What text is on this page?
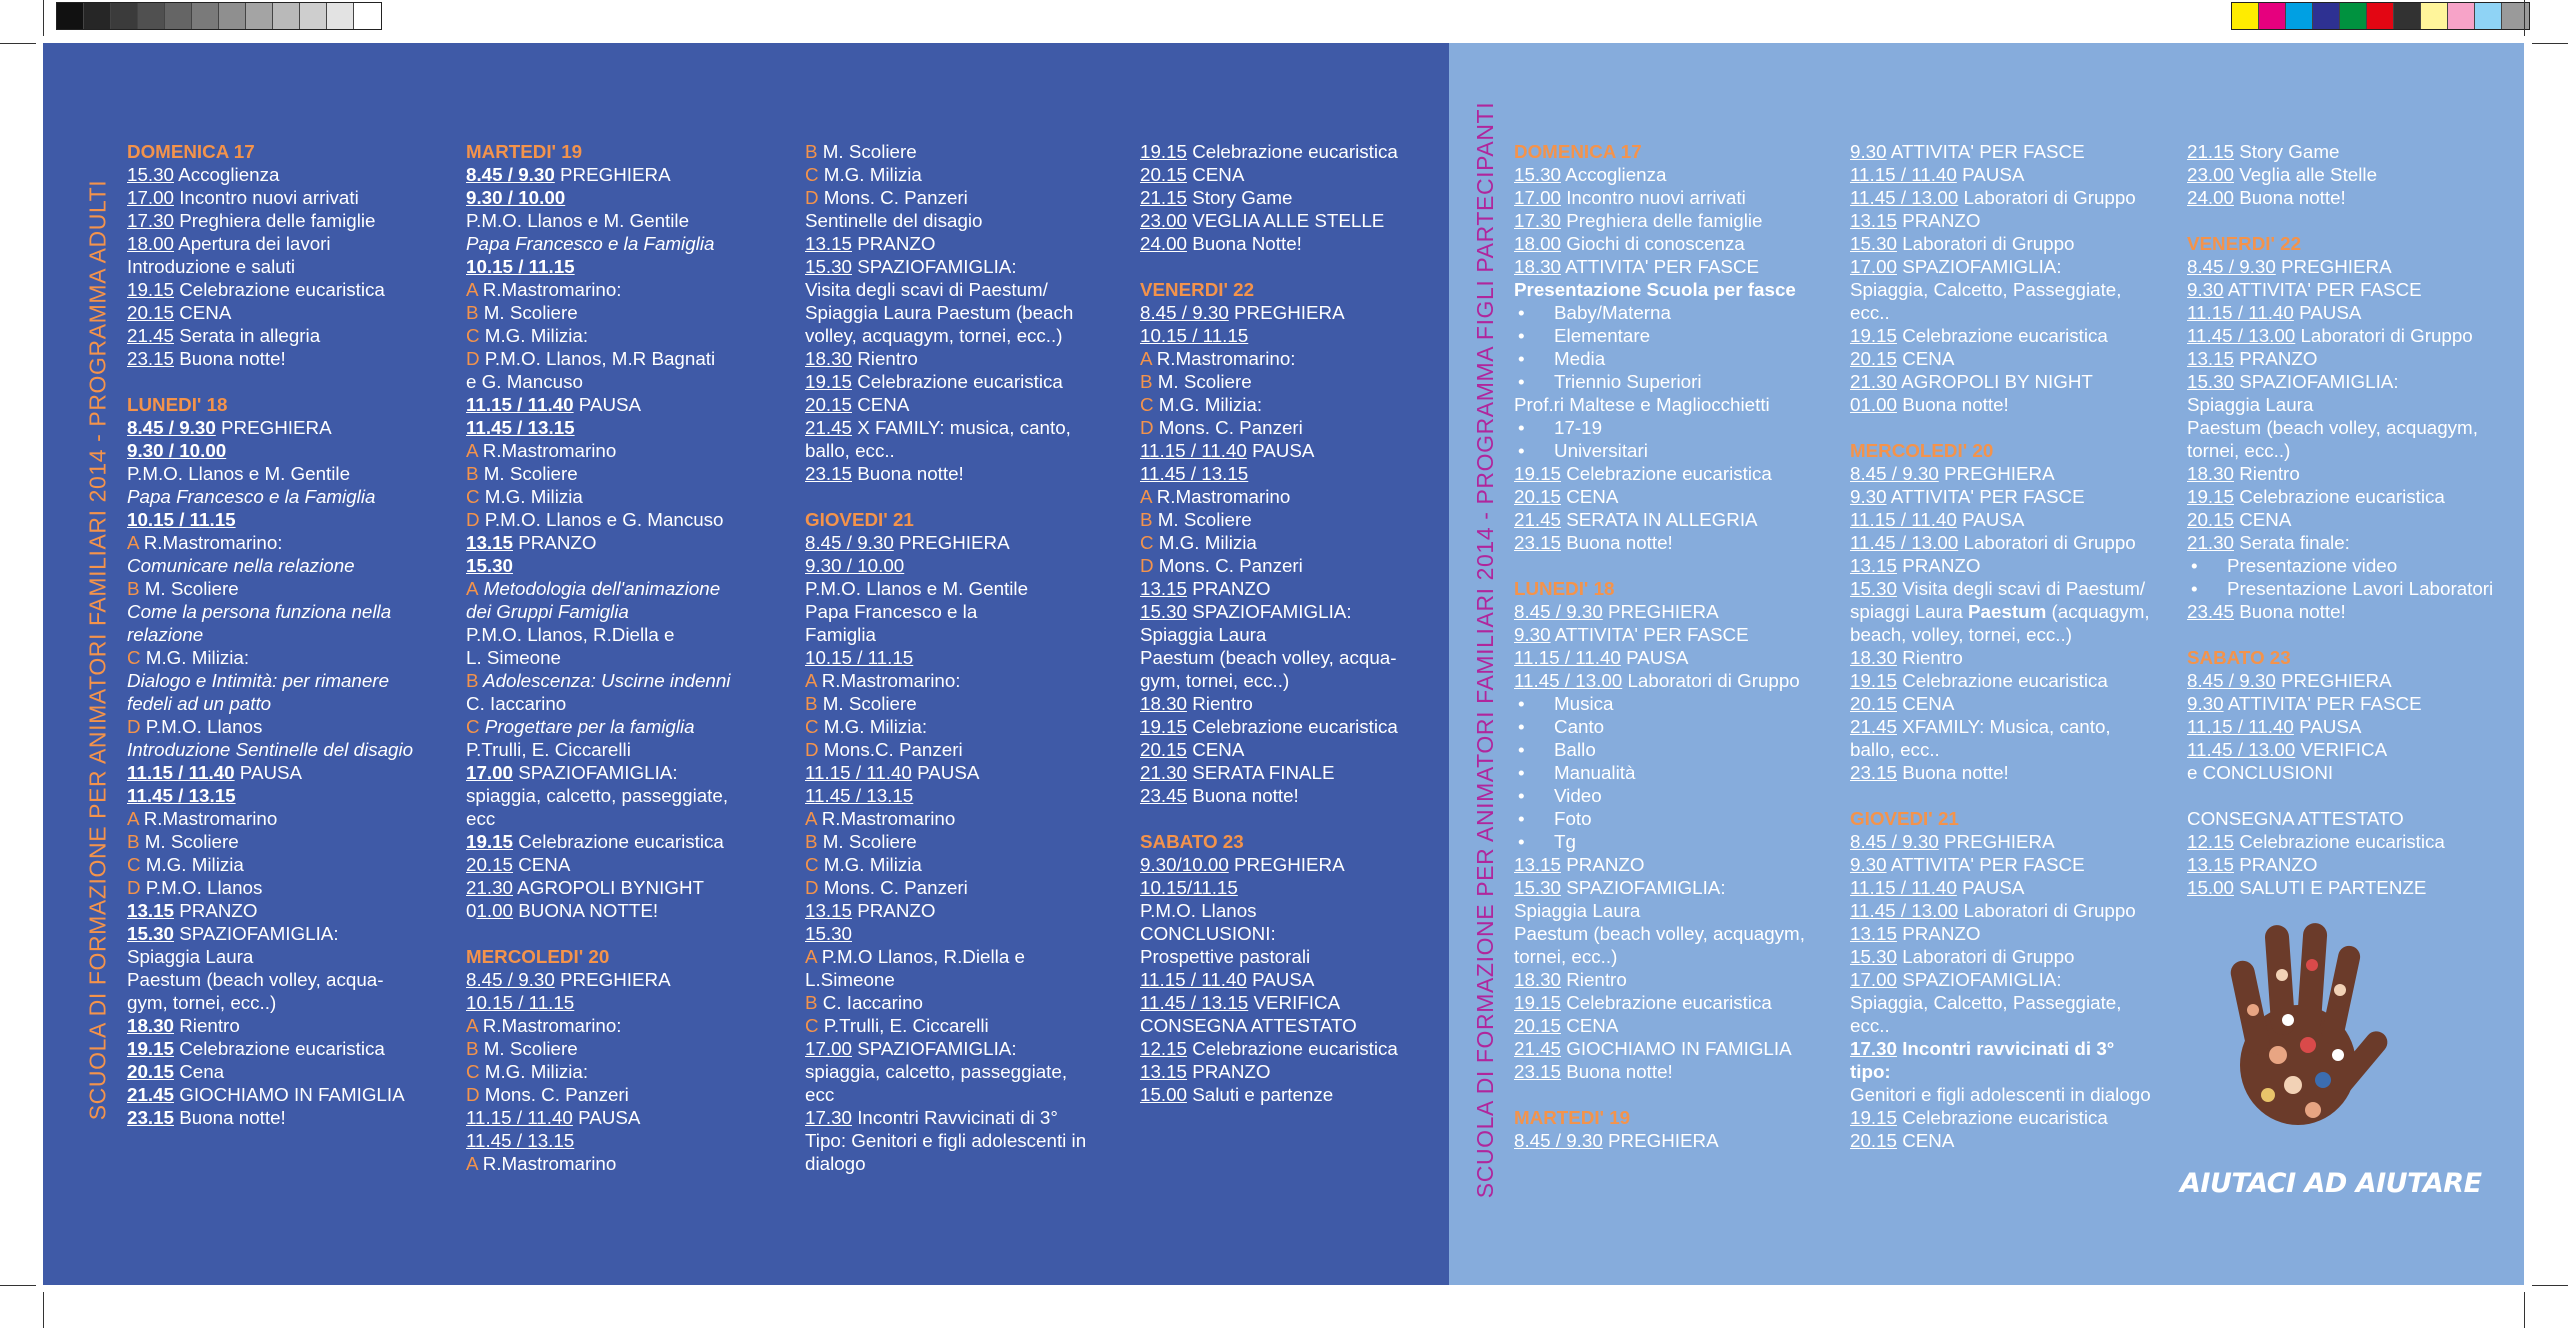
SCUOLA DI FORMAZIONE PER ANIMATORI FAMILIARI 2014 - PROGRAMMA ADULTI	SCUOLA DI FORMAZIONE PER ANIMATORI FAMILIARI 2014 - PROGRAMMA FIGLI PARTECIPANTI

DOMENICA 17

15.30 Accoglienza

17.00 Incontro nuovi arrivati

17.30 Preghiera delle famiglie

18.00 Apertura dei lavori

Introduzione e saluti

19.15 Celebrazione eucaristica

20.15 CENA

21.45 Serata in allegria

23.15 Buona notte!

LUNEDI' 18

8.45 / 9.30 PREGHIERA

9.30 / 10.00

P.M.O. Llanos e M. Gentile

Papa Francesco e la Famiglia

10.15 / 11.15

A R.Mastromarino:

Comunicare nella relazione

B M. Scoliere

Come la persona funziona nella

relazione

C M.G. Milizia:

Dialogo e Intimità: per rimanere

fedeli ad un patto

D P.M.O. Llanos

Introduzione Sentinelle del disagio

11.15 / 11.40 PAUSA

11.45 / 13.15

A R.Mastromarino

B M. Scoliere

C M.G. Milizia

D P.M.O. Llanos

13.15 PRANZO

15.30 SPAZIOFAMIGLIA:

Spiaggia Laura

Paestum (beach volley, acqua-

gym, tornei, ecc..)

18.30 Rientro

19.15 Celebrazione eucaristica

20.15 Cena

21.45 GIOCHIAMO IN FAMIGLIA

23.15 Buona notte!

MARTEDI' 19

8.45 / 9.30 PREGHIERA

9.30 / 10.00

P.M.O. Llanos e M. Gentile

Papa Francesco e la Famiglia

10.15 / 11.15

A R.Mastromarino:

B M. Scoliere

C M.G. Milizia:

D P.M.O. Llanos, M.R Bagnati

e G. Mancuso

11.15 / 11.40 PAUSA

11.45 / 13.15

A R.Mastromarino

B M. Scoliere

C M.G. Milizia

D P.M.O. Llanos e G. Mancuso

13.15 PRANZO

15.30

A Metodologia dell'animazione

dei Gruppi Famiglia

P.M.O. Llanos, R.Diella e

L. Simeone

B Adolescenza: Uscirne indenni

C. Iaccarino

C Progettare per la famiglia

P.Trulli, E. Ciccarelli

17.00 SPAZIOFAMIGLIA:

spiaggia, calcetto, passeggiate,

ecc

19.15 Celebrazione eucaristica

20.15 CENA

21.30 AGROPOLI BYNIGHT

01.00 BUONA NOTTE!

MERCOLEDI' 20

8.45 / 9.30 PREGHIERA

10.15 / 11.15

A R.Mastromarino:

B M. Scoliere

C M.G. Milizia:

D Mons. C. Panzeri

11.15 / 11.40 PAUSA

11.45 / 13.15

A R.Mastromarino

B M. Scoliere

C M.G. Milizia

D Mons. C. Panzeri

Sentinelle del disagio

13.15 PRANZO

15.30 SPAZIOFAMIGLIA:

Visita degli scavi di Paestum/

Spiaggia Laura Paestum (beach

volley, acquagym, tornei, ecc..)

18.30 Rientro

19.15 Celebrazione eucaristica

20.15 CENA

21.45 X FAMILY: musica, canto,

ballo, ecc..

23.15 Buona notte!

GIOVEDI' 21

8.45 / 9.30 PREGHIERA

9.30 / 10.00

P.M.O. Llanos e M. Gentile

Papa Francesco e la

Famiglia

10.15 / 11.15

A R.Mastromarino:

B M. Scoliere

C M.G. Milizia:

D Mons.C. Panzeri

11.15 / 11.40 PAUSA

11.45 / 13.15

A R.Mastromarino

B M. Scoliere

C M.G. Milizia

D Mons. C. Panzeri

13.15 PRANZO

15.30

A P.M.O Llanos, R.Diella e

L.Simeone

B C. Iaccarino

C P.Trulli, E. Ciccarelli

17.00 SPAZIOFAMIGLIA:

spiaggia, calcetto, passeggiate,

ecc

17.30 Incontri Ravvicinati di 3°

Tipo: Genitori e figli adolescenti in

dialogo

19.15 Celebrazione eucaristica

20.15 CENA

21.15 Story Game

23.00 VEGLIA ALLE STELLE

24.00 Buona Notte!

VENERDI' 22

8.45 / 9.30 PREGHIERA

10.15 / 11.15

A R.Mastromarino:

B M. Scoliere

C M.G. Milizia:

D Mons. C. Panzeri

11.15 / 11.40 PAUSA

11.45 / 13.15

A R.Mastromarino

B M. Scoliere

C M.G. Milizia

D Mons. C. Panzeri

13.15 PRANZO

15.30 SPAZIOFAMIGLIA:

Spiaggia Laura

Paestum (beach volley, acqua-

gym, tornei, ecc..)

18.30 Rientro

19.15 Celebrazione eucaristica

20.15 CENA

21.30 SERATA FINALE

23.45 Buona notte!

SABATO 23

9.30/10.00 PREGHIERA

10.15/11.15

P.M.O. Llanos

CONCLUSIONI:

Prospettive pastorali

11.15 / 11.40 PAUSA

11.45 / 13.15 VERIFICA

CONSEGNA ATTESTATO

12.15 Celebrazione eucaristica

13.15 PRANZO

15.00 Saluti e partenze

DOMENICA 17

15.30 Accoglienza

17.00 Incontro nuovi arrivati

17.30 Preghiera delle famiglie

18.00 Giochi di conoscenza

18.30 ATTIVITA' PER FASCE

Presentazione Scuola per fasce

• Baby/Materna

• Elementare

• Media

• Triennio Superiori

Prof.ri Maltese e Magliocchietti

• 17-19

• Universitari

19.15 Celebrazione eucaristica

20.15 CENA

21.45 SERATA IN ALLEGRIA

23.15 Buona notte!

LUNEDI' 18

8.45 / 9.30 PREGHIERA

9.30 ATTIVITA' PER FASCE

11.15 / 11.40 PAUSA

11.45 / 13.00 Laboratori di Gruppo

• Musica

• Canto

• Ballo

• Manualità

• Video

• Foto

• Tg

13.15 PRANZO

15.30 SPAZIOFAMIGLIA:

Spiaggia Laura

Paestum (beach volley, acquagym,

tornei, ecc..)

18.30 Rientro

19.15 Celebrazione eucaristica

20.15 CENA

21.45 GIOCHIAMO IN FAMIGLIA

23.15 Buona notte!

MARTEDI' 19

8.45 / 9.30 PREGHIERA

9.30 ATTIVITA' PER FASCE

11.15 / 11.40 PAUSA

11.45 / 13.00 Laboratori di Gruppo

13.15 PRANZO

15.30 Laboratori di Gruppo

17.00 SPAZIOFAMIGLIA:

Spiaggia, Calcetto, Passeggiate,

ecc..

19.15 Celebrazione eucaristica

20.15 CENA

21.30 AGROPOLI BY NIGHT

01.00 Buona notte!

MERCOLEDI' 20

8.45 / 9.30 PREGHIERA

9.30 ATTIVITA' PER FASCE

11.15 / 11.40 PAUSA

11.45 / 13.00 Laboratori di Gruppo

13.15 PRANZO

15.30 Visita degli scavi di Paestum/

spiaggi Laura Paestum (acquagym,

beach, volley, tornei, ecc..)

18.30 Rientro

19.15 Celebrazione eucaristica

20.15 CENA

21.45 XFAMILY: Musica, canto,

ballo, ecc..

23.15 Buona notte!

GIOVEDI' 21

8.45 / 9.30 PREGHIERA

9.30 ATTIVITA' PER FASCE

11.15 / 11.40 PAUSA

11.45 / 13.00 Laboratori di Gruppo

13.15 PRANZO

15.30 Laboratori di Gruppo

17.00 SPAZIOFAMIGLIA:

Spiaggia, Calcetto, Passeggiate,

ecc..

17.30 Incontri ravvicinati di 3°

tipo:

Genitori e figli adolescenti in dialogo

19.15 Celebrazione eucaristica

20.15 CENA

21.15 Story Game

23.00 Veglia alle Stelle

24.00 Buona notte!

VENERDI' 22

8.45 / 9.30 PREGHIERA

9.30 ATTIVITA' PER FASCE

11.15 / 11.40 PAUSA

11.45 / 13.00 Laboratori di Gruppo

13.15 PRANZO

15.30 SPAZIOFAMIGLIA:

Spiaggia Laura

Paestum (beach volley, acquagym,

tornei, ecc..)

18.30 Rientro

19.15 Celebrazione eucaristica

20.15 CENA

21.30 Serata finale:

• Presentazione video

• Presentazione Lavori Laboratori

23.45 Buona notte!

SABATO 23

8.45 / 9.30 PREGHIERA

9.30 ATTIVITA' PER FASCE

11.15 / 11.40 PAUSA

11.45 / 13.00 VERIFICA

e CONCLUSIONI

CONSEGNA ATTESTATO

12.15 Celebrazione eucaristica

13.15 PRANZO

15.00 SALUTI E PARTENZE

AIUTACI AD AIUTARE
